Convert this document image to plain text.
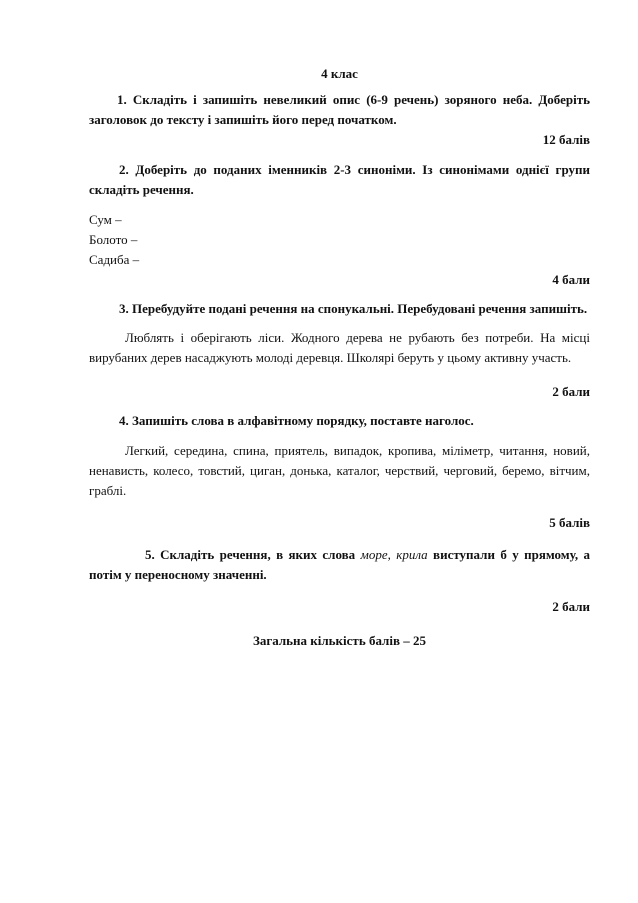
4 клас

1. Складіть і запишіть невеликий опис (6-9 речень) зоряного неба. Доберіть заголовок до тексту і запишіть його перед початком.

12 балів

2. Доберіть до поданих іменників 2-3 синоніми. Із синонімами однієї групи складіть речення.

Сум –

Болото –

Садиба –

4 бали

3. Перебудуйте подані речення на спонукальні. Перебудовані речення запишіть.

Люблять і оберігають ліси. Жодного дерева не рубають без потреби. На місці вирубаних дерев насаджують молоді деревця. Школярі беруть у цьому активну участь.

2 бали

4. Запишіть слова в алфавітному порядку, поставте наголос.

Легкий, середина, спина, приятель, випадок, кропива, міліметр, читання, новий, ненависть, колесо, товстий, циган, донька, каталог, черствий, черговий, беремо, вітчим, граблі.

5 балів

5. Складіть речення, в яких слова море, крила виступали б у прямому, а потім у переносному значенні.

2 бали

Загальна кількість балів – 25
